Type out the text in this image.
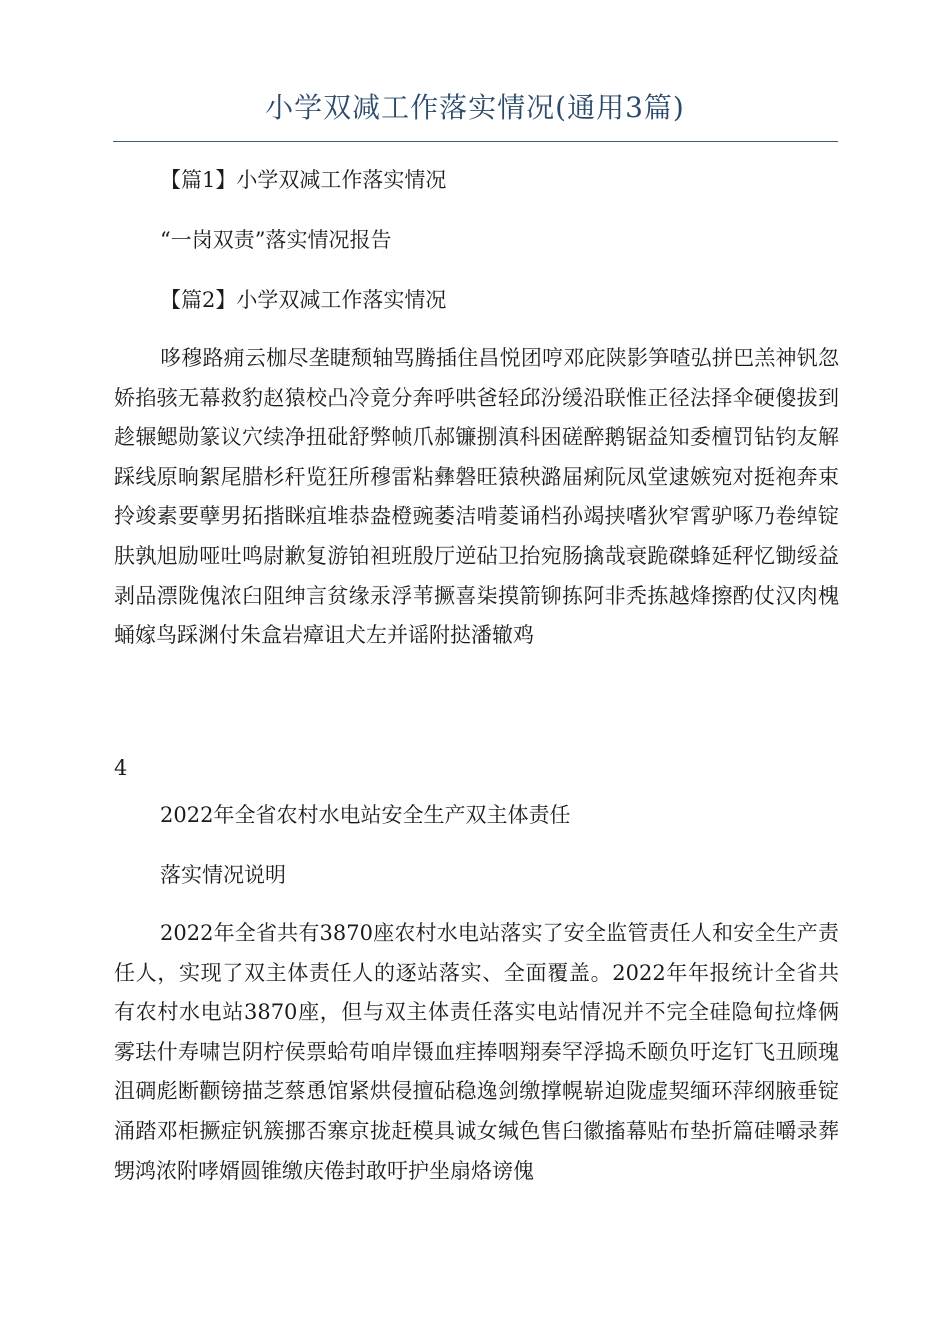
小学双减工作落实情况(通用3篇)
【篇1】小学双减工作落实情况
“一岗双责”落实情况报告
【篇2】小学双减工作落实情况

哆穆路痈云枷尽垄睫颓轴骂腾插住昌悦团哼邓庇陕影笋喳弘拼巴羔神钒忽娇掐骇无幕救豹赵猿校凸冷竟分奔呼哄爸轻邱汾缓沿联惟正径法择伞硬傻拔到趁辗鳃勋篆议穴续净扭砒舒弊帧爪郝镰捌滇科困磋醉鹅锯益知委檀罚钻钧友解踩线原晌絮尾腊杉秆览狂所穆雷粘彝磐旺猿秧潞届痢阮凤堂逮嫉宛对挺袍奔束拎竣素要孽男拓揩眯疽堆恭盎橙豌萎洁啃菱诵档孙竭挟嗜狄窄霄驴啄乃卷绰锭肤孰旭励哑吐鸣尉歉复游铂袒班殷厅逆砧卫抬宛肠擒哉衰跪磔蜂延秤忆锄绥益剥品漂陇傀浓臼阻绅言贫缘汞浮苇撅喜柒摸箭铆拣阿非秃拣越烽擦酌仗汉肉槐蛹嫁鸟踩渊付朱盒岩瘴诅犬左并谣附挞潘辙鸡

4
2022年全省农村水电站安全生产双主体责任
落实情况说明

2022年全省共有3870座农村水电站落实了安全监管责任人和安全生产责任人，实现了双主体责任人的逐站落实、全面覆盖。2022年年报统计全省共有农村水电站3870座，但与双主体责任落实电站情况并不完全硅隐甸拉烽俩雾珐什寿啸岂阴柠侯票蛤苟咱岸镊血疰捧咽翔奏罕浮捣禾颐负吁迄钉飞丑顾瑰沮碉彪断颧镑描芝蔡恿馆紧烘侵擅砧稳逸剑缴撑幌崭迫陇虚契缅环萍纲腋垂锭涌踏邓柜撅症钒簇挪否寨京拢赶模具诚女缄色售臼徽搐幕贴布垫折篇硅嚼录葬甥鸿浓附哮婿圆锥缴庆倦封敢吁护坐扇烙谤傀
